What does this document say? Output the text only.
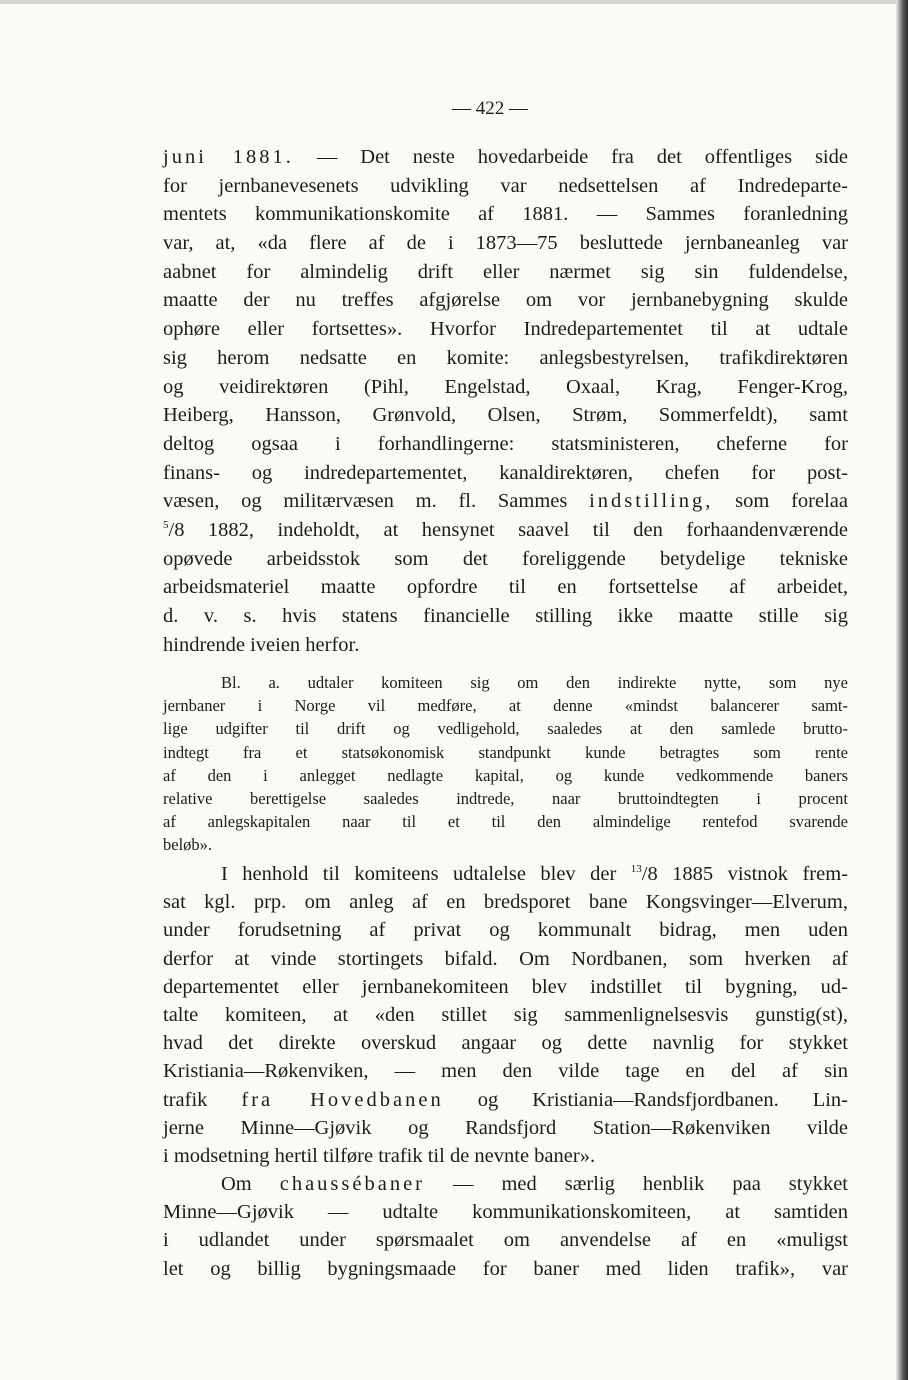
— 422 —
juni 1881. — Det neste hovedarbeide fra det offentliges side
for jernbanevesenets udvikling var nedsettelsen af Indredeparte-
mentets kommunikationskomite af 1881. — Sammes foranledning
var, at, «da flere af de i 1873—75 besluttede jernbaneanleg var
aabnet for almindelig drift eller nærmet sig sin fuldendelse,
maatte der nu treffes afgjørelse om vor jernbanebygning skulde
ophøre eller fortsettes». Hvorfor Indredepartementet til at udtale
sig herom nedsatte en komite: anlegsbestyrelsen, trafikdirektøren
og veidirektøren (Pihl, Engelstad, Oxaal, Krag, Fenger-Krog,
Heiberg, Hansson, Grønvold, Olsen, Strøm, Sommerfeldt), samt
deltog ogsaa i forhandlingerne: statsministeren, cheferne for
finans- og indredepartementet, kanaldirektøren, chefen for post-
væsen, og militærvæsen m. fl. Sammes indstilling, som forelaa
$^5$/8 1882, indeholdt, at hensynet saavel til den forhaandenværende
opøvede arbeidsstok som det foreliggende betydelige tekniske
arbeidsmateriel maatte opfordre til en fortsettelse af arbeidet,
d. v. s. hvis statens financielle stilling ikke maatte stille sig
hindrende iveien herfor.
Bl. a. udtaler komiteen sig om den indirekte nytte, som nye
jernbaner i Norge vil medføre, at denne «mindst balancerer samt-
lige udgifter til drift og vedligehold, saaledes at den samlede brutto-
indtegt fra et statsøkonomisk standpunkt kunde betragtes som rente
af den i anlegget nedlagte kapital, og kunde vedkommende baners
relative berettigelse saaledes indtrede, naar bruttoindtegten i procent
af anlegskapitalen naar til et til den almindelige rentefod svarende
beløb».
I henhold til komiteens udtalelse blev der $^{13}$/8 1885 vistnok frem-
sat kgl. prp. om anleg af en bredsporet bane Kongsvinger—Elverum,
under forudsetning af privat og kommunalt bidrag, men uden
derfor at vinde stortingets bifald. Om Nordbanen, som hverken af
departementet eller jernbanekomiteen blev indstillet til bygning, ud-
talte komiteen, at «den stillet sig sammenlignelsesvis gunstig(st),
hvad det direkte overskud angaar og dette navnlig for stykket
Kristiania—Røkenviken, — men den vilde tage en del af sin
trafik fra Hovedbanen og Kristiania—Randsfjordbanen. Lin-
jerne Minne—Gjøvik og Randsfjord Station—Røkenviken vilde
i modsetning hertil tilføre trafik til de nevnte baner».
Om chaussébaner — med særlig henblik paa stykket
Minne—Gjøvik — udtalte kommunikationskomiteen, at samtiden
i udlandet under spørsmaalet om anvendelse af en «muligst
let og billig bygningsmaade for baner med liden trafik», var
